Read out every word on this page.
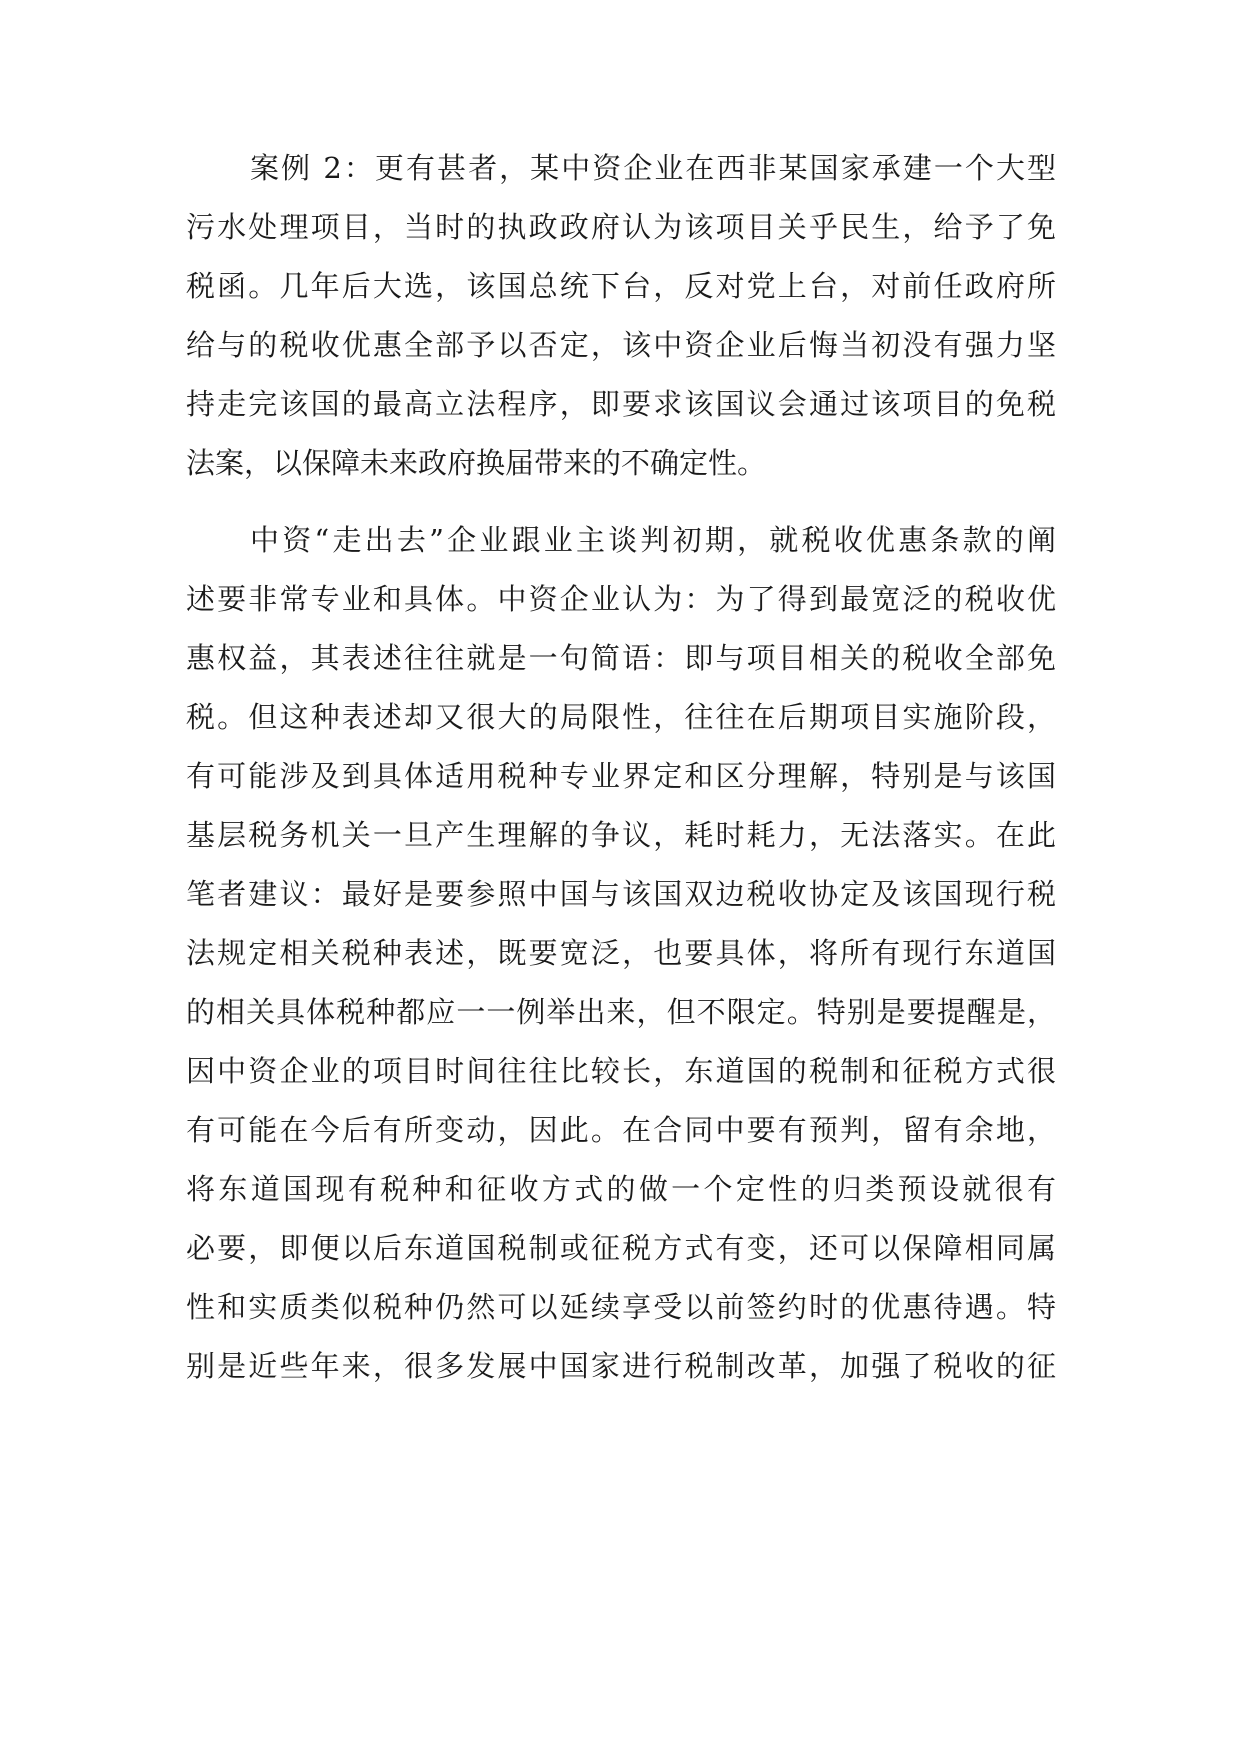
案例 2：更有甚者，某中资企业在西非某国家承建一个大型
污水处理项目，当时的执政政府认为该项目关乎民生，给予了免
税函。几年后大选，该国总统下台，反对党上台，对前任政府所
给与的税收优惠全部予以否定，该中资企业后悔当初没有强力坚
持走完该国的最高立法程序，即要求该国议会通过该项目的免税
法案，以保障未来政府换届带来的不确定性。
中资“走出去”企业跟业主谈判初期，就税收优惠条款的阐
述要非常专业和具体。中资企业认为：为了得到最宽泛的税收优
惠权益，其表述往往就是一句简语：即与项目相关的税收全部免
税。但这种表述却又很大的局限性，往往在后期项目实施阶段，
有可能涉及到具体适用税种专业界定和区分理解，特别是与该国
基层税务机关一旦产生理解的争议，耗时耗力，无法落实。在此
笔者建议：最好是要参照中国与该国双边税收协定及该国现行税
法规定相关税种表述，既要宽泛，也要具体，将所有现行东道国
的相关具体税种都应一一例举出来，但不限定。特别是要提醒是，
因中资企业的项目时间往往比较长，东道国的税制和征税方式很
有可能在今后有所变动，因此。在合同中要有预判，留有余地，
将东道国现有税种和征收方式的做一个定性的归类预设就很有
必要，即便以后东道国税制或征税方式有变，还可以保障相同属
性和实质类似税种仍然可以延续享受以前签约时的优惠待遇。特
别是近些年来，很多发展中国家进行税制改革，加强了税收的征
